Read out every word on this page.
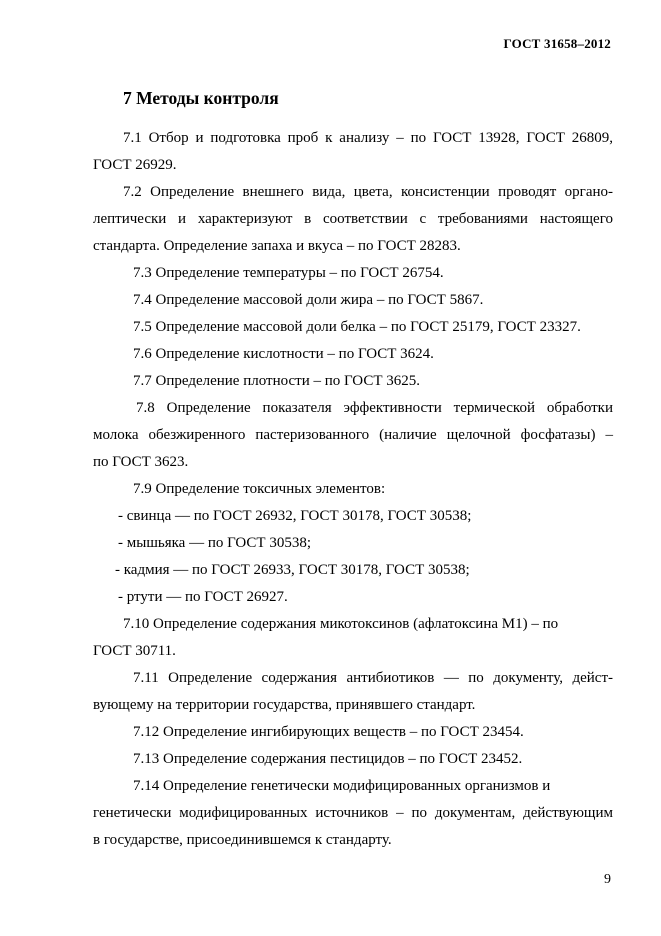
ГОСТ 31658–2012
7 Методы контроля
7.1 Отбор и подготовка проб к анализу – по ГОСТ 13928, ГОСТ 26809,
ГОСТ 26929.
7.2 Определение внешнего вида, цвета, консистенции проводят органо-
лептически и характеризуют в соответствии с требованиями настоящего
стандарта. Определение запаха и вкуса – по ГОСТ 28283.
7.3 Определение температуры – по ГОСТ 26754.
7.4 Определение массовой доли жира – по ГОСТ 5867.
7.5 Определение массовой доли белка – по ГОСТ 25179, ГОСТ 23327.
7.6 Определение кислотности – по ГОСТ 3624.
7.7 Определение плотности – по ГОСТ 3625.
7.8 Определение показателя эффективности термической обработки
молока обезжиренного пастеризованного (наличие щелочной фосфатазы) –
по ГОСТ 3623.
7.9 Определение токсичных элементов:
- свинца — по ГОСТ 26932, ГОСТ 30178, ГОСТ 30538;
- мышьяка — по ГОСТ 30538;
- кадмия — по ГОСТ 26933, ГОСТ 30178, ГОСТ 30538;
- ртути — по ГОСТ 26927.
7.10 Определение содержания микотоксинов (афлатоксина М1) – по
ГОСТ 30711.
7.11 Определение содержания антибиотиков — по документу, дейст-
вующему на территории государства, принявшего стандарт.
7.12 Определение ингибирующих веществ – по ГОСТ 23454.
7.13 Определение содержания пестицидов – по ГОСТ 23452.
7.14 Определение генетически модифицированных организмов и
генетически модифицированных источников – по документам, действующим
в государстве, присоединившемся к стандарту.
9
